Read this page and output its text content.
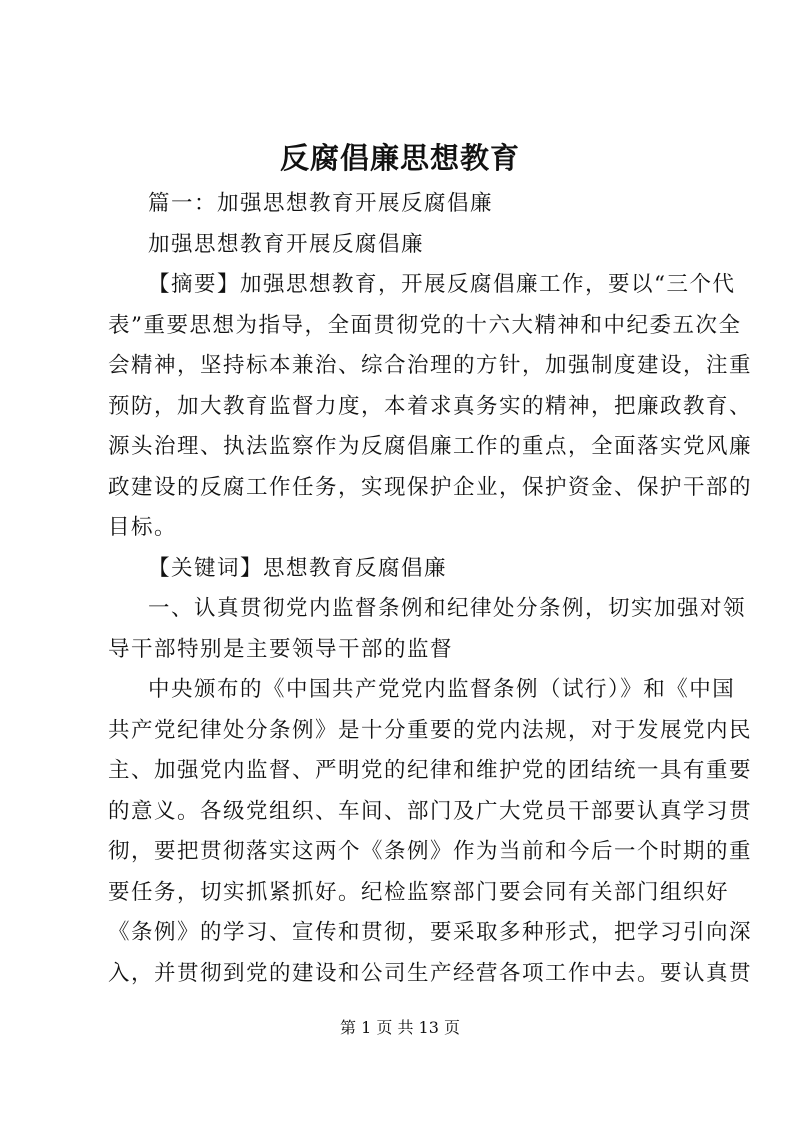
反腐倡廉思想教育
篇一：加强思想教育开展反腐倡廉
加强思想教育开展反腐倡廉
【摘要】加强思想教育，开展反腐倡廉工作，要以“三个代
表”重要思想为指导，全面贯彻党的十六大精神和中纪委五次全
会精神，坚持标本兼治、综合治理的方针，加强制度建设，注重
预防，加大教育监督力度，本着求真务实的精神，把廉政教育、
源头治理、执法监察作为反腐倡廉工作的重点，全面落实党风廉
政建设的反腐工作任务，实现保护企业，保护资金、保护干部的
目标。
【关键词】思想教育反腐倡廉
一、认真贯彻党内监督条例和纪律处分条例，切实加强对领
导干部特别是主要领导干部的监督
中央颁布的《中国共产党党内监督条例（试行）》和《中国
共产党纪律处分条例》是十分重要的党内法规，对于发展党内民
主、加强党内监督、严明党的纪律和维护党的团结统一具有重要
的意义。各级党组织、车间、部门及广大党员干部要认真学习贯
彻，要把贯彻落实这两个《条例》作为当前和今后一个时期的重
要任务，切实抓紧抓好。纪检监察部门要会同有关部门组织好
《条例》的学习、宣传和贯彻，要采取多种形式，把学习引向深
入，并贯彻到党的建设和公司生产经营各项工作中去。要认真贯
第 1 页 共 13 页
